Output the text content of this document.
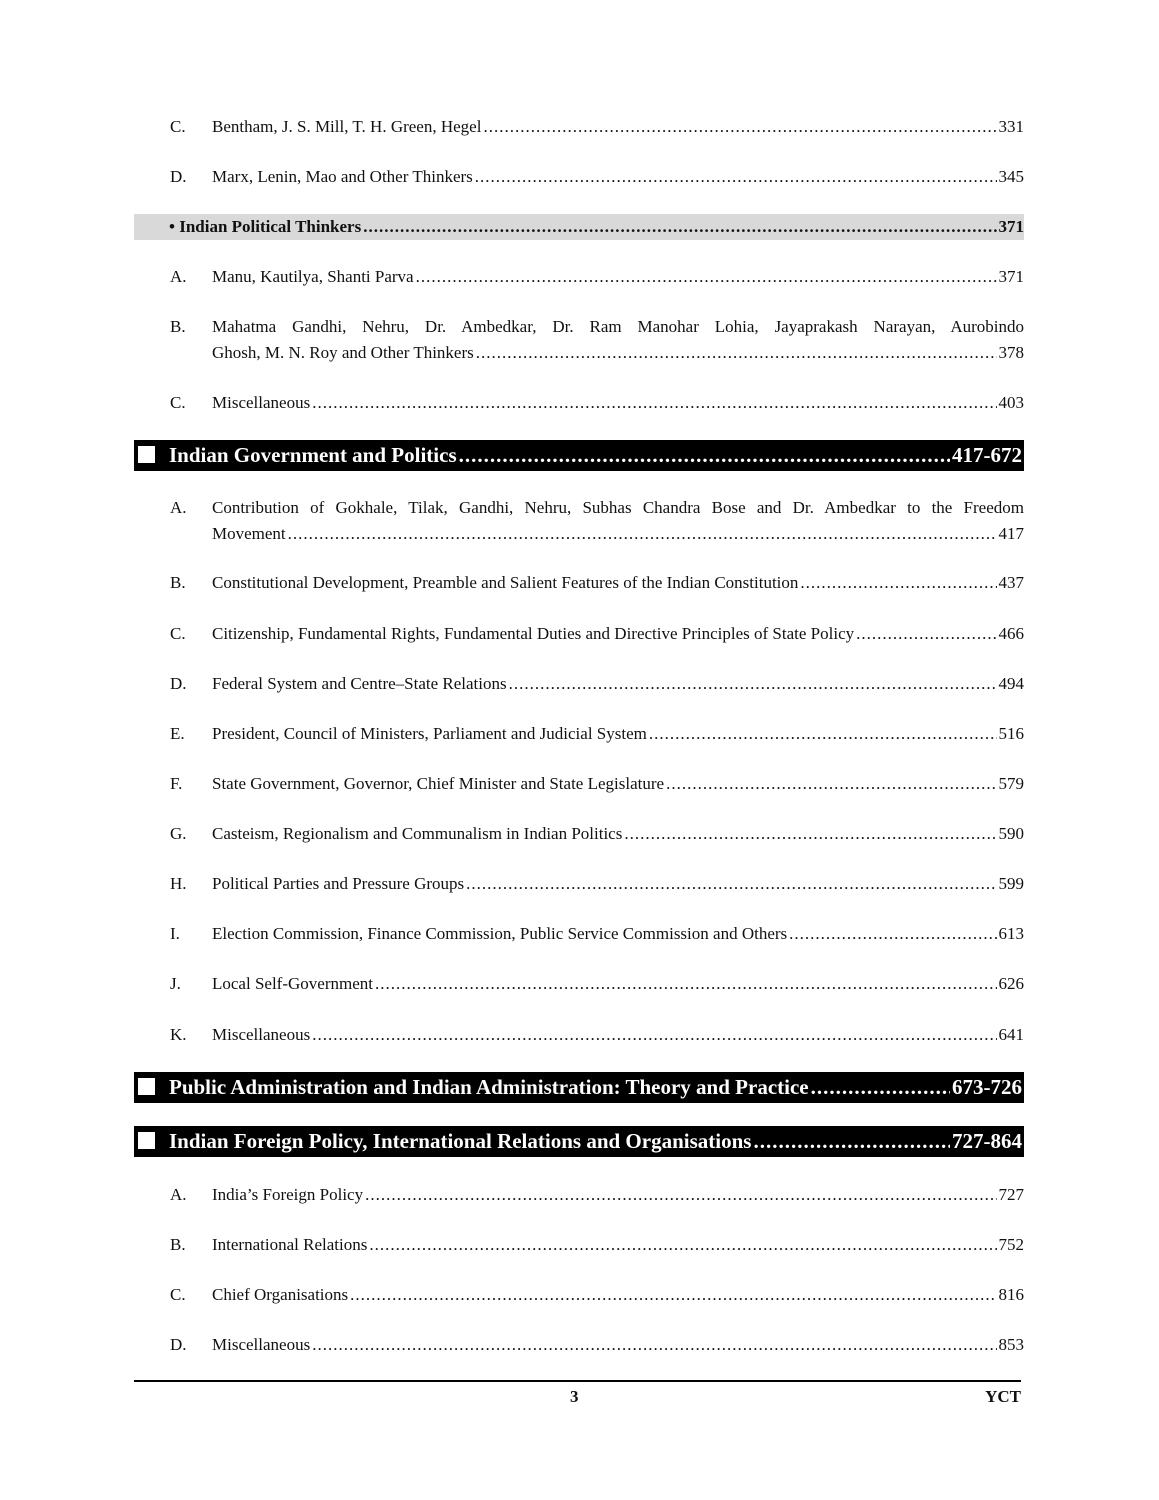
C. Bentham, J. S. Mill, T. H. Green, Hegel .....	331
D. Marx, Lenin, Mao and Other Thinkers .....	345
• Indian Political Thinkers .....	371
A. Manu, Kautilya, Shanti Parva .....	371
B. Mahatma Gandhi, Nehru, Dr. Ambedkar, Dr. Ram Manohar Lohia, Jayaprakash Narayan, Aurobindo
Ghosh, M. N. Roy and Other Thinkers .....	378
C. Miscellaneous .....	403
Indian Government and Politics .....	417-672
A. Contribution of Gokhale, Tilak, Gandhi, Nehru, Subhas Chandra Bose and Dr. Ambedkar to the Freedom
Movement .....	417
B. Constitutional Development, Preamble and Salient Features of the Indian Constitution .....	437
C. Citizenship, Fundamental Rights, Fundamental Duties and Directive Principles of State Policy .....	466
D. Federal System and Centre–State Relations .....	494
E. President, Council of Ministers, Parliament and Judicial System .....	516
F. State Government, Governor, Chief Minister and State Legislature .....	579
G. Casteism, Regionalism and Communalism in Indian Politics .....	590
H. Political Parties and Pressure Groups .....	599
I. Election Commission, Finance Commission, Public Service Commission and Others .....	613
J. Local Self-Government .....	626
K. Miscellaneous .....	641
Public Administration and Indian Administration: Theory and Practice .....	673-726
Indian Foreign Policy, International Relations and Organisations .....	727-864
A. India’s Foreign Policy .....	727
B. International Relations .....	752
C. Chief Organisations .....	816
D. Miscellaneous .....	853
3	YCT
